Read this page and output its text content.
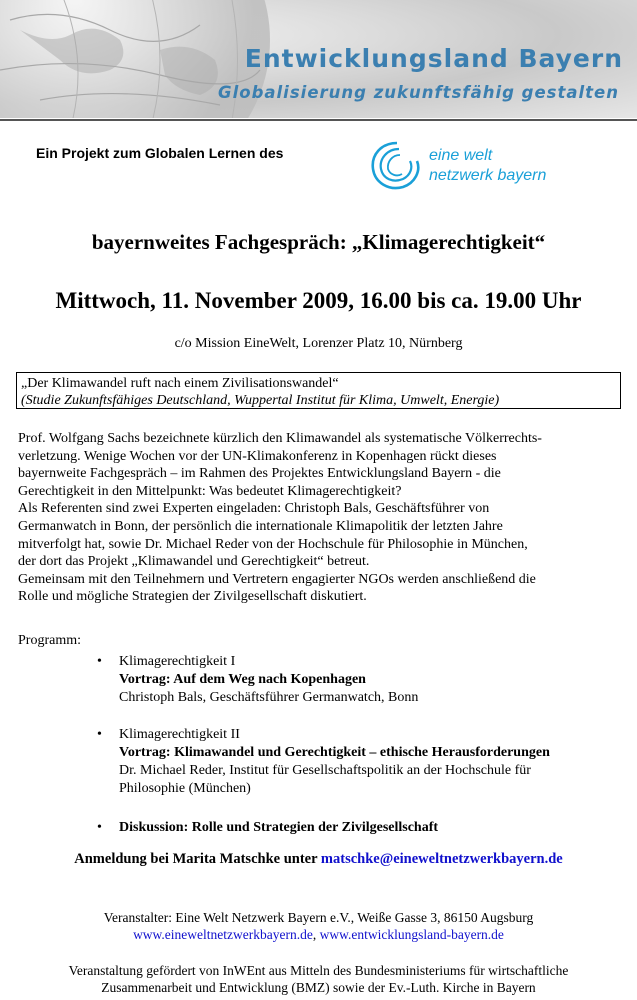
Entwicklungsland Bayern
Globalisierung zukunftsfähig gestalten
Ein Projekt zum Globalen Lernen des	eine welt
netzwerk bayern
bayernweites Fachgespräch: „Klimagerechtigkeit“
Mittwoch, 11. November 2009, 16.00 bis ca. 19.00 Uhr
c/o Mission EineWelt, Lorenzer Platz 10, Nürnberg
„Der Klimawandel ruft nach einem Zivilisationswandel“
(Studie Zukunftsfähiges Deutschland, Wuppertal Institut für Klima, Umwelt, Energie)

Prof. Wolfgang Sachs bezeichnete kürzlich den Klimawandel als systematische Völkerrechts-

verletzung. Wenige Wochen vor der UN-Klimakonferenz in Kopenhagen rückt dieses

bayernweite Fachgespräch – im Rahmen des Projektes Entwicklungsland Bayern - die

Gerechtigkeit in den Mittelpunkt: Was bedeutet Klimagerechtigkeit?

Als Referenten sind zwei Experten eingeladen: Christoph Bals, Geschäftsführer von

Germanwatch in Bonn, der persönlich die internationale Klimapolitik der letzten Jahre

mitverfolgt hat, sowie Dr. Michael Reder von der Hochschule für Philosophie in München,

der dort das Projekt „Klimawandel und Gerechtigkeit“ betreut.

Gemeinsam mit den Teilnehmern und Vertretern engagierter NGOs werden anschließend die

Rolle und mögliche Strategien der Zivilgesellschaft diskutiert.

Programm:
• Klimagerechtigkeit I
Vortrag: Auf dem Weg nach Kopenhagen
Christoph Bals, Geschäftsführer Germanwatch, Bonn
• Klimagerechtigkeit II
Vortrag: Klimawandel und Gerechtigkeit – ethische Herausforderungen
Dr. Michael Reder, Institut für Gesellschaftspolitik an der Hochschule für
Philosophie (München)
• Diskussion: Rolle und Strategien der Zivilgesellschaft
Anmeldung bei Marita Matschke unter matschke@eineweltnetzwerkbayern.de
Veranstalter: Eine Welt Netzwerk Bayern e.V., Weiße Gasse 3, 86150 Augsburg
www.eineweltnetzwerkbayern.de, www.entwicklungsland-bayern.de
Veranstaltung gefördert von InWEnt aus Mitteln des Bundesministeriums für wirtschaftliche
Zusammenarbeit und Entwicklung (BMZ) sowie der Ev.-Luth. Kirche in Bayern
